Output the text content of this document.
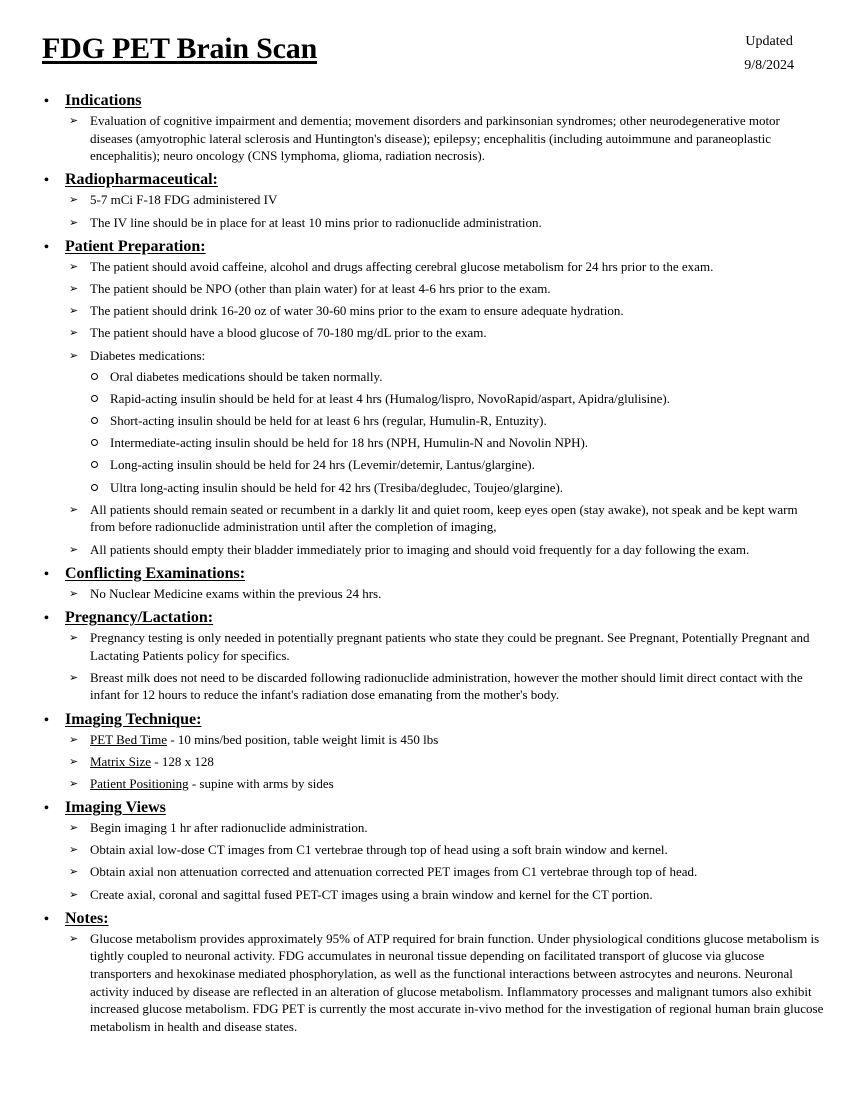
FDG PET Brain Scan	Updated
9/8/2024
•	Indications
➢ Evaluation of cognitive impairment and dementia; movement disorders and parkinsonian syndromes; other neurodegenerative motor diseases (amyotrophic lateral sclerosis and Huntington's disease); epilepsy; encephalitis (including autoimmune and paraneoplastic encephalitis); neuro oncology (CNS lymphoma, glioma, radiation necrosis).
•	Radiopharmaceutical:
➢ 5-7 mCi F-18 FDG administered IV
➢ The IV line should be in place for at least 10 mins prior to radionuclide administration.
•	Patient Preparation:
➢ The patient should avoid caffeine, alcohol and drugs affecting cerebral glucose metabolism for 24 hrs prior to the exam.
➢ The patient should be NPO (other than plain water) for at least 4-6 hrs prior to the exam.
➢ The patient should drink 16-20 oz of water 30-60 mins prior to the exam to ensure adequate hydration.
➢ The patient should have a blood glucose of 70-180 mg/dL prior to the exam.
➢ Diabetes medications:
Oral diabetes medications should be taken normally.
Rapid-acting insulin should be held for at least 4 hrs (Humalog/lispro, NovoRapid/aspart, Apidra/glulisine).
Short-acting insulin should be held for at least 6 hrs (regular, Humulin-R, Entuzity).
Intermediate-acting insulin should be held for 18 hrs (NPH, Humulin-N and Novolin NPH).
Long-acting insulin should be held for 24 hrs (Levemir/detemir, Lantus/glargine).
Ultra long-acting insulin should be held for 42 hrs (Tresiba/degludec, Toujeo/glargine).
➢ All patients should remain seated or recumbent in a darkly lit and quiet room, keep eyes open (stay awake), not speak and be kept warm from before radionuclide administration until after the completion of imaging,
➢ All patients should empty their bladder immediately prior to imaging and should void frequently for a day following the exam.
•	Conflicting Examinations:
➢ No Nuclear Medicine exams within the previous 24 hrs.
•	Pregnancy/Lactation:
➢ Pregnancy testing is only needed in potentially pregnant patients who state they could be pregnant. See Pregnant, Potentially Pregnant and Lactating Patients policy for specifics.
➢ Breast milk does not need to be discarded following radionuclide administration, however the mother should limit direct contact with the infant for 12 hours to reduce the infant's radiation dose emanating from the mother's body.
•	Imaging Technique:
➢ PET Bed Time - 10 mins/bed position, table weight limit is 450 lbs
➢ Matrix Size - 128 x 128
➢ Patient Positioning - supine with arms by sides
•	Imaging Views
➢ Begin imaging 1 hr after radionuclide administration.
➢ Obtain axial low-dose CT images from C1 vertebrae through top of head using a soft brain window and kernel.
➢ Obtain axial non attenuation corrected and attenuation corrected PET images from C1 vertebrae through top of head.
➢ Create axial, coronal and sagittal fused PET-CT images using a brain window and kernel for the CT portion.
•	Notes:
➢ Glucose metabolism provides approximately 95% of ATP required for brain function. Under physiological conditions glucose metabolism is tightly coupled to neuronal activity. FDG accumulates in neuronal tissue depending on facilitated transport of glucose via glucose transporters and hexokinase mediated phosphorylation, as well as the functional interactions between astrocytes and neurons. Neuronal activity induced by disease are reflected in an alteration of glucose metabolism. Inflammatory processes and malignant tumors also exhibit increased glucose metabolism. FDG PET is currently the most accurate in-vivo method for the investigation of regional human brain glucose metabolism in health and disease states.
